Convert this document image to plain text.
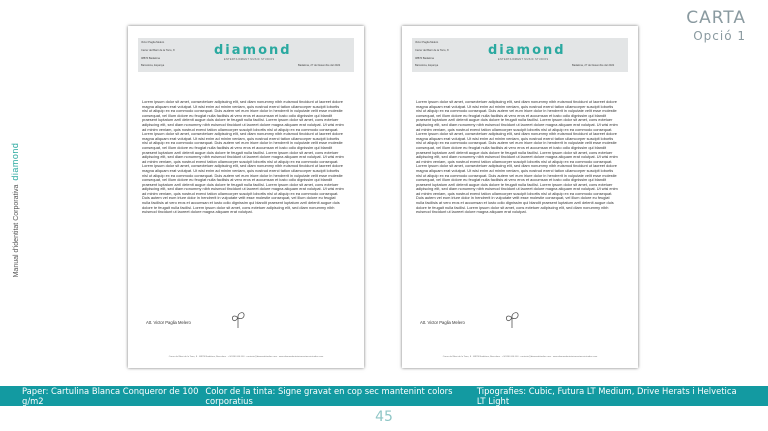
CARTA
Opció 1
Manual d'identitat Corporativadiamond
Victor Paglia Melero
Carrer del Barri de la Torre, 8
08870 Badalona
Barcelona, Espanya
diamond
ENTERTAINMENT MUSIC STUDIOS
Badalona, 27 de Desembre del 2022
Lorem ipsum dolor sit amet, consectetuer adipiscing elit, sed diam nonummy nibh euismod tincidunt ut laoreet dolore magna aliquam erat volutpat. Ut wisi enim ad minim veniam, quis nostrud exerci tation ullamcorper suscipit lobortis nisl ut aliquip ex ea commodo consequat. Duis autem vel eum iriure dolor in hendrerit in vulputate velit esse molestie consequat, vel illum dolore eu feugiat nulla facilisis at vero eros et accumsan et iusto odio dignissim qui blandit praesent luptatum zzril delenit augue duis dolore te feugait nulla facilisi. Lorem ipsum dolor sit amet, cons ectetuer adipiscing elit, sed diam nonummy nibh euismod tincidunt ut laoreet dolore magna aliquam erat volutpat. Ut wisi enim ad minim veniam, quis nostrud exerci tation ullamcorper suscipit lobortis nisl ut aliquip ex ea commodo consequat. Lorem ipsum dolor sit amet, consectetuer adipiscing elit, sed diam nonummy nibh euismod tincidunt ut laoreet dolore magna aliquam erat volutpat. Ut wisi enim ad minim veniam, quis nostrud exerci tation ullamcorper suscipit lobortis nisl ut aliquip ex ea commodo consequat. Duis autem vel eum iriure dolor in hendrerit in vulputate velit esse molestie consequat, vel illum dolore eu feugiat nulla facilisis at vero eros et accumsan et iusto odio dignissim qui blandit praesent luptatum zzril delenit augue duis dolore te feugait nulla facilisi. Lorem ipsum dolor sit amet, cons ectetuer adipiscing elit, sed diam nonummy nibh euismod tincidunt ut laoreet dolore magna aliquam erat volutpat. Ut wisi enim ad minim veniam, quis nostrud exerci tation ullamcorper suscipit lobortis nisl ut aliquip ex ea commodo consequat. Lorem ipsum dolor sit amet, consectetuer adipiscing elit, sed diam nonummy nibh euismod tincidunt ut laoreet dolore magna aliquam erat volutpat. Ut wisi enim ad minim veniam, quis nostrud exerci tation ullamcorper suscipit lobortis nisl ut aliquip ex ea commodo consequat. Duis autem vel eum iriure dolor in hendrerit in vulputate velit esse molestie consequat, vel illum dolore eu feugiat nulla facilisis at vero eros et accumsan et iusto odio dignissim qui blandit praesent luptatum zzril delenit augue duis dolore te feugait nulla facilisi. Lorem ipsum dolor sit amet, cons ectetuer adipiscing elit, sed diam nonummy nibh euismod tincidunt ut laoreet dolore magna aliquam erat volutpat. Ut wisi enim ad minim veniam, quis nostrud exerci tation ullamcorper suscipit lobortis nisl ut aliquip ex ea commodo consequat. Duis autem vel eum iriure dolor in hendrerit in vulputate velit esse molestie consequat, vel illum dolore eu feugiat nulla facilisis at vero eros et accumsan et iusto odio dignissim qui blandit praesent luptatum zzril delenit augue duis dolore te feugait nulla facilisi. Lorem ipsum dolor sit amet, cons ectetuer adipiscing elit, sed diam nonummy nibh euismod tincidunt ut laoreet dolore magna aliquam erat volutpat.
Att. Victor Paglia Melero
Carrer del Barri de la Torre, 8 · 08870 Badalona, Barcelona · +34 690 000 000 · contacte@diamondstudios.com · www.diamondentertainmentmusicstudios.com
Victor Paglia Melero
Carrer del Barri de la Torre, 8
08870 Badalona
Barcelona, Espanya
diamond
ENTERTAINMENT MUSIC STUDIOS
Badalona, 27 de Desembre del 2022
Lorem ipsum dolor sit amet, consectetuer adipiscing elit, sed diam nonummy nibh euismod tincidunt ut laoreet dolore magna aliquam erat volutpat. Ut wisi enim ad minim veniam, quis nostrud exerci tation ullamcorper suscipit lobortis nisl ut aliquip ex ea commodo consequat. Duis autem vel eum iriure dolor in hendrerit in vulputate velit esse molestie consequat, vel illum dolore eu feugiat nulla facilisis at vero eros et accumsan et iusto odio dignissim qui blandit praesent luptatum zzril delenit augue duis dolore te feugait nulla facilisi. Lorem ipsum dolor sit amet, cons ectetuer adipiscing elit, sed diam nonummy nibh euismod tincidunt ut laoreet dolore magna aliquam erat volutpat. Ut wisi enim ad minim veniam, quis nostrud exerci tation ullamcorper suscipit lobortis nisl ut aliquip ex ea commodo consequat. Lorem ipsum dolor sit amet, consectetuer adipiscing elit, sed diam nonummy nibh euismod tincidunt ut laoreet dolore magna aliquam erat volutpat. Ut wisi enim ad minim veniam, quis nostrud exerci tation ullamcorper suscipit lobortis nisl ut aliquip ex ea commodo consequat. Duis autem vel eum iriure dolor in hendrerit in vulputate velit esse molestie consequat, vel illum dolore eu feugiat nulla facilisis at vero eros et accumsan et iusto odio dignissim qui blandit praesent luptatum zzril delenit augue duis dolore te feugait nulla facilisi. Lorem ipsum dolor sit amet, cons ectetuer adipiscing elit, sed diam nonummy nibh euismod tincidunt ut laoreet dolore magna aliquam erat volutpat. Ut wisi enim ad minim veniam, quis nostrud exerci tation ullamcorper suscipit lobortis nisl ut aliquip ex ea commodo consequat. Lorem ipsum dolor sit amet, consectetuer adipiscing elit, sed diam nonummy nibh euismod tincidunt ut laoreet dolore magna aliquam erat volutpat. Ut wisi enim ad minim veniam, quis nostrud exerci tation ullamcorper suscipit lobortis nisl ut aliquip ex ea commodo consequat. Duis autem vel eum iriure dolor in hendrerit in vulputate velit esse molestie consequat, vel illum dolore eu feugiat nulla facilisis at vero eros et accumsan et iusto odio dignissim qui blandit praesent luptatum zzril delenit augue duis dolore te feugait nulla facilisi. Lorem ipsum dolor sit amet, cons ectetuer adipiscing elit, sed diam nonummy nibh euismod tincidunt ut laoreet dolore magna aliquam erat volutpat. Ut wisi enim ad minim veniam, quis nostrud exerci tation ullamcorper suscipit lobortis nisl ut aliquip ex ea commodo consequat. Duis autem vel eum iriure dolor in hendrerit in vulputate velit esse molestie consequat, vel illum dolore eu feugiat nulla facilisis at vero eros et accumsan et iusto odio dignissim qui blandit praesent luptatum zzril delenit augue duis dolore te feugait nulla facilisi. Lorem ipsum dolor sit amet, cons ectetuer adipiscing elit, sed diam nonummy nibh euismod tincidunt ut laoreet dolore magna aliquam erat volutpat.
Att. Victor Paglia Melero
Carrer del Barri de la Torre, 8 · 08870 Badalona, Barcelona · +34 690 000 000 · contacte@diamondstudios.com · www.diamondentertainmentmusicstudios.com
Paper: Cartulina Blanca Conqueror de 100 g/m2
Color de la tinta: Signe gravat en cop sec mantenint colors corporatius
Tipografies: Cubic, Futura LT Medium, Drive Herats i Helvetica LT Light
45
